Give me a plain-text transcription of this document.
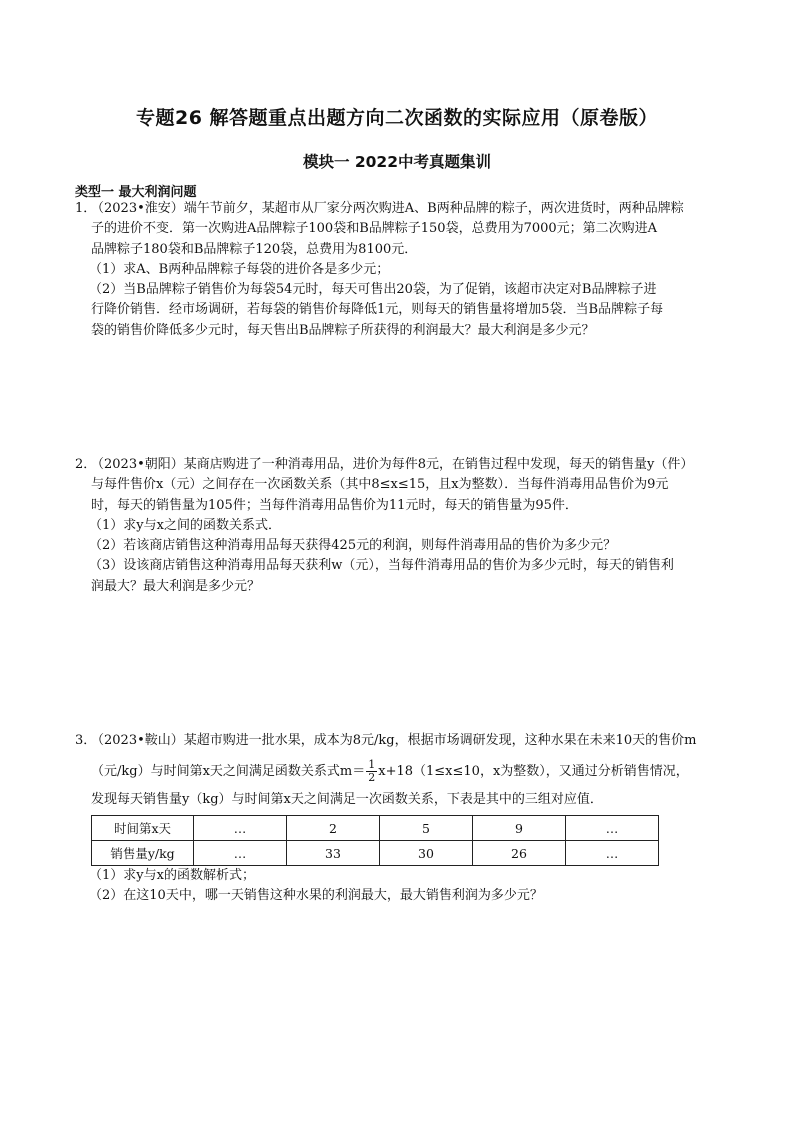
专题26 解答题重点出题方向二次函数的实际应用（原卷版）
模块一 2022中考真题集训
类型一 最大利润问题

1．（2023•淮安）端午节前夕，某超市从厂家分两次购进A、B两种品牌的粽子，两次进货时，两种品牌粽

子的进价不变．第一次购进A品牌粽子100袋和B品牌粽子150袋，总费用为7000元；第二次购进A

品牌粽子180袋和B品牌粽子120袋，总费用为8100元．

（1）求A、B两种品牌粽子每袋的进价各是多少元；

（2）当B品牌粽子销售价为每袋54元时，每天可售出20袋，为了促销，该超市决定对B品牌粽子进

行降价销售．经市场调研，若每袋的销售价每降低1元，则每天的销售量将增加5袋．当B品牌粽子每

袋的销售价降低多少元时，每天售出B品牌粽子所获得的利润最大？最大利润是多少元？

2．（2023•朝阳）某商店购进了一种消毒用品，进价为每件8元，在销售过程中发现，每天的销售量y（件）

与每件售价x（元）之间存在一次函数关系（其中8≤x≤15，且x为整数）．当每件消毒用品售价为9元

时，每天的销售量为105件；当每件消毒用品售价为11元时，每天的销售量为95件．

（1）求y与x之间的函数关系式．

（2）若该商店销售这种消毒用品每天获得425元的利润，则每件消毒用品的售价为多少元？

（3）设该商店销售这种消毒用品每天获利w（元），当每件消毒用品的售价为多少元时，每天的销售利

润最大？最大利润是多少元？

3．（2023•鞍山）某超市购进一批水果，成本为8元/kg，根据市场调研发现，这种水果在未来10天的售价m

（元/kg）与时间第x天之间满足函数关系式$m= \frac{1}{2} x+18(1\le x\le 10$，x为整数），又通过分析销售情况，

发现每天销售量y（kg）与时间第x天之间满足一次函数关系，下表是其中的三组对应值．

时间第x天	…	2	5	9	…
销售量y/kg	…	33	30	26	…

（1）求y与x的函数解析式；

（2）在这10天中，哪一天销售这种水果的利润最大，最大销售利润为多少元？
